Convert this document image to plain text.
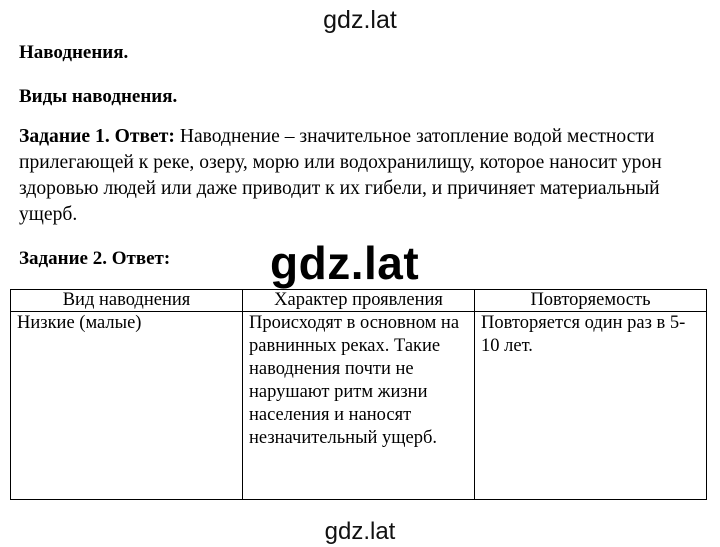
gdz.lat
Наводнения.
Виды наводнения.
Задание 1. Ответ: Наводнение – значительное затопление водой местности прилегающей к реке, озеру, морю или водохранилищу, которое наносит урон здоровью людей или даже приводит к их гибели, и причиняет материальный ущерб.
Задание 2. Ответ: gdz.lat
Вид наводнения	Характер проявления	Повторяемость
Низкие (малые)	Происходят в основном на равнинных реках. Такие наводнения почти не нарушают ритм жизни населения и наносят незначительный ущерб.	Повторяется один раз в 5-10 лет.
gdz.lat
